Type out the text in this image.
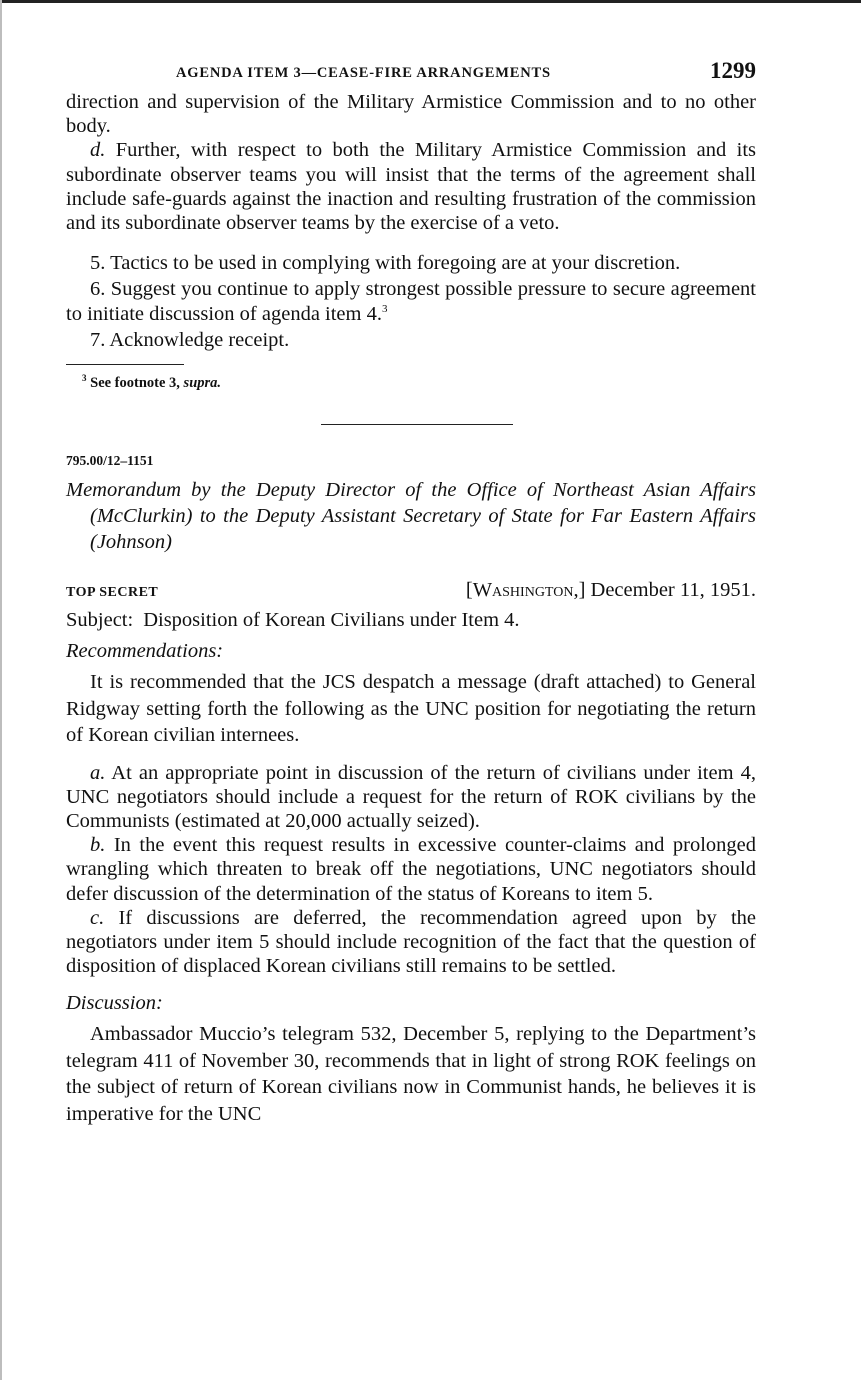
AGENDA ITEM 3—CEASE-FIRE ARRANGEMENTS	1299

direction and supervision of the Military Armistice Commission and to no other body.

d. Further, with respect to both the Military Armistice Commission and its subordinate observer teams you will insist that the terms of the agreement shall include safe-guards against the inaction and resulting frustration of the commission and its subordinate observer teams by the exercise of a veto.

5. Tactics to be used in complying with foregoing are at your discretion.

6. Suggest you continue to apply strongest possible pressure to secure agreement to initiate discussion of agenda item 4.$^3$

7. Acknowledge receipt.

$^3$ See footnote 3, supra.
795.00/12–1151
Memorandum by the Deputy Director of the Office of Northeast Asian Affairs (McClurkin) to the Deputy Assistant Secretary of State for Far Eastern Affairs (Johnson)
TOP SECRET	[Washington,] December 11, 1951.
Subject: Disposition of Korean Civilians under Item 4.
Recommendations:

It is recommended that the JCS despatch a message (draft attached) to General Ridgway setting forth the following as the UNC position for negotiating the return of Korean civilian internees.

a. At an appropriate point in discussion of the return of civilians under item 4, UNC negotiators should include a request for the return of ROK civilians by the Communists (estimated at 20,000 actually seized).

b. In the event this request results in excessive counter-claims and prolonged wrangling which threaten to break off the negotiations, UNC negotiators should defer discussion of the determination of the status of Koreans to item 5.

c. If discussions are deferred, the recommendation agreed upon by the negotiators under item 5 should include recognition of the fact that the question of disposition of displaced Korean civilians still remains to be settled.

Discussion:

Ambassador Muccio’s telegram 532, December 5, replying to the Department’s telegram 411 of November 30, recommends that in light of strong ROK feelings on the subject of return of Korean civilians now in Communist hands, he believes it is imperative for the UNC
